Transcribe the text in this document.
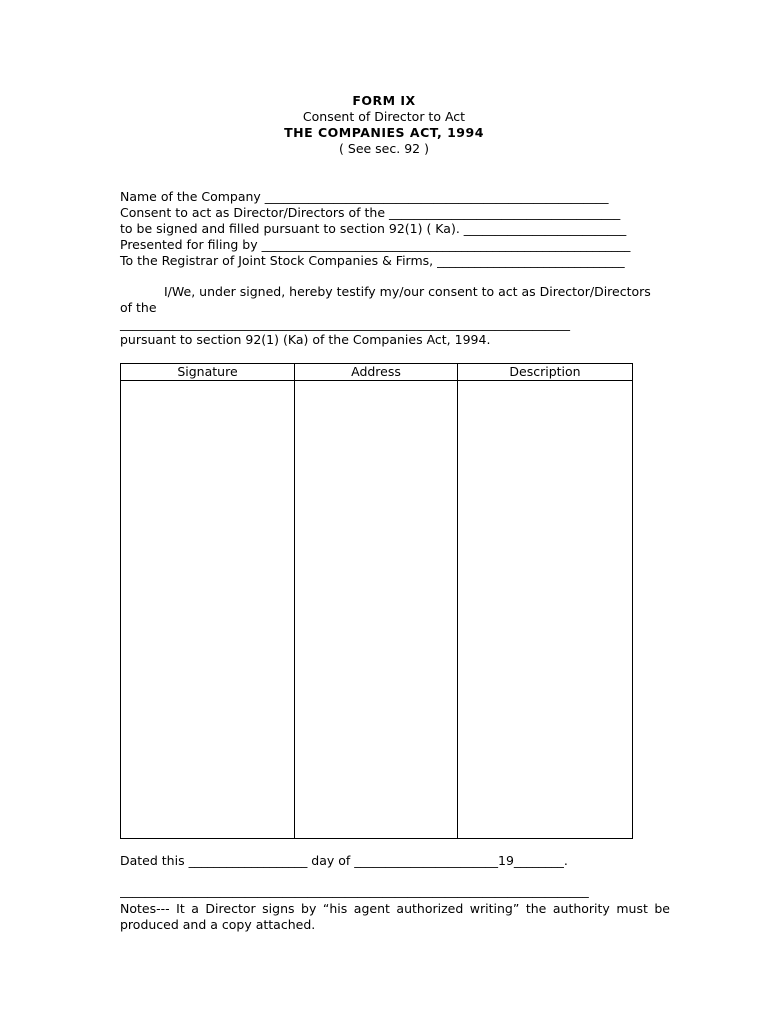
FORM IX
Consent of Director to Act
THE COMPANIES ACT, 1994
( See sec. 92 )
Name of the Company _______________________________________________________
Consent to act as Director/Directors of the _____________________________________
to be signed and filled pursuant to section 92(1) ( Ka). __________________________
Presented for filing by ___________________________________________________________
To the Registrar of Joint Stock Companies & Firms, ______________________________
I/We, under signed, hereby testify my/our consent to act as Director/Directors
of the
________________________________________________________________________
pursuant to section 92(1) (Ka) of the Companies Act, 1994.
Signature	Address	Description

Dated this ___________________ day of _______________________19________.
___________________________________________________________________________
Notes--- It a Director signs by “his agent authorized writing” the authority must be produced and a copy attached.
